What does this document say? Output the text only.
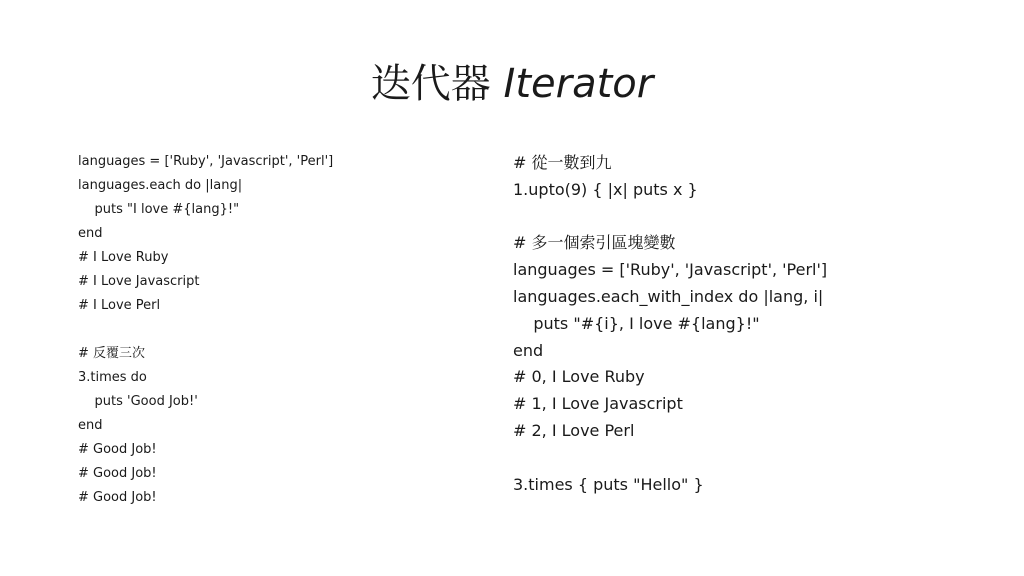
迭代器 Iterator
languages = ['Ruby', 'Javascript', 'Perl']
languages.each do |lang|
puts "I love #{lang}!"
end
# I Love Ruby
# I Love Javascript
# I Love Perl
# 反覆三次
3.times do
puts 'Good Job!'
end
# Good Job!
# Good Job!
# Good Job!
# 從一數到九
1.upto(9) { |x| puts x }
# 多一個索引區塊變數
languages = ['Ruby', 'Javascript', 'Perl']
languages.each_with_index do |lang, i|
puts "#{i}, I love #{lang}!"
end
# 0, I Love Ruby
# 1, I Love Javascript
# 2, I Love Perl
3.times { puts "Hello" }
